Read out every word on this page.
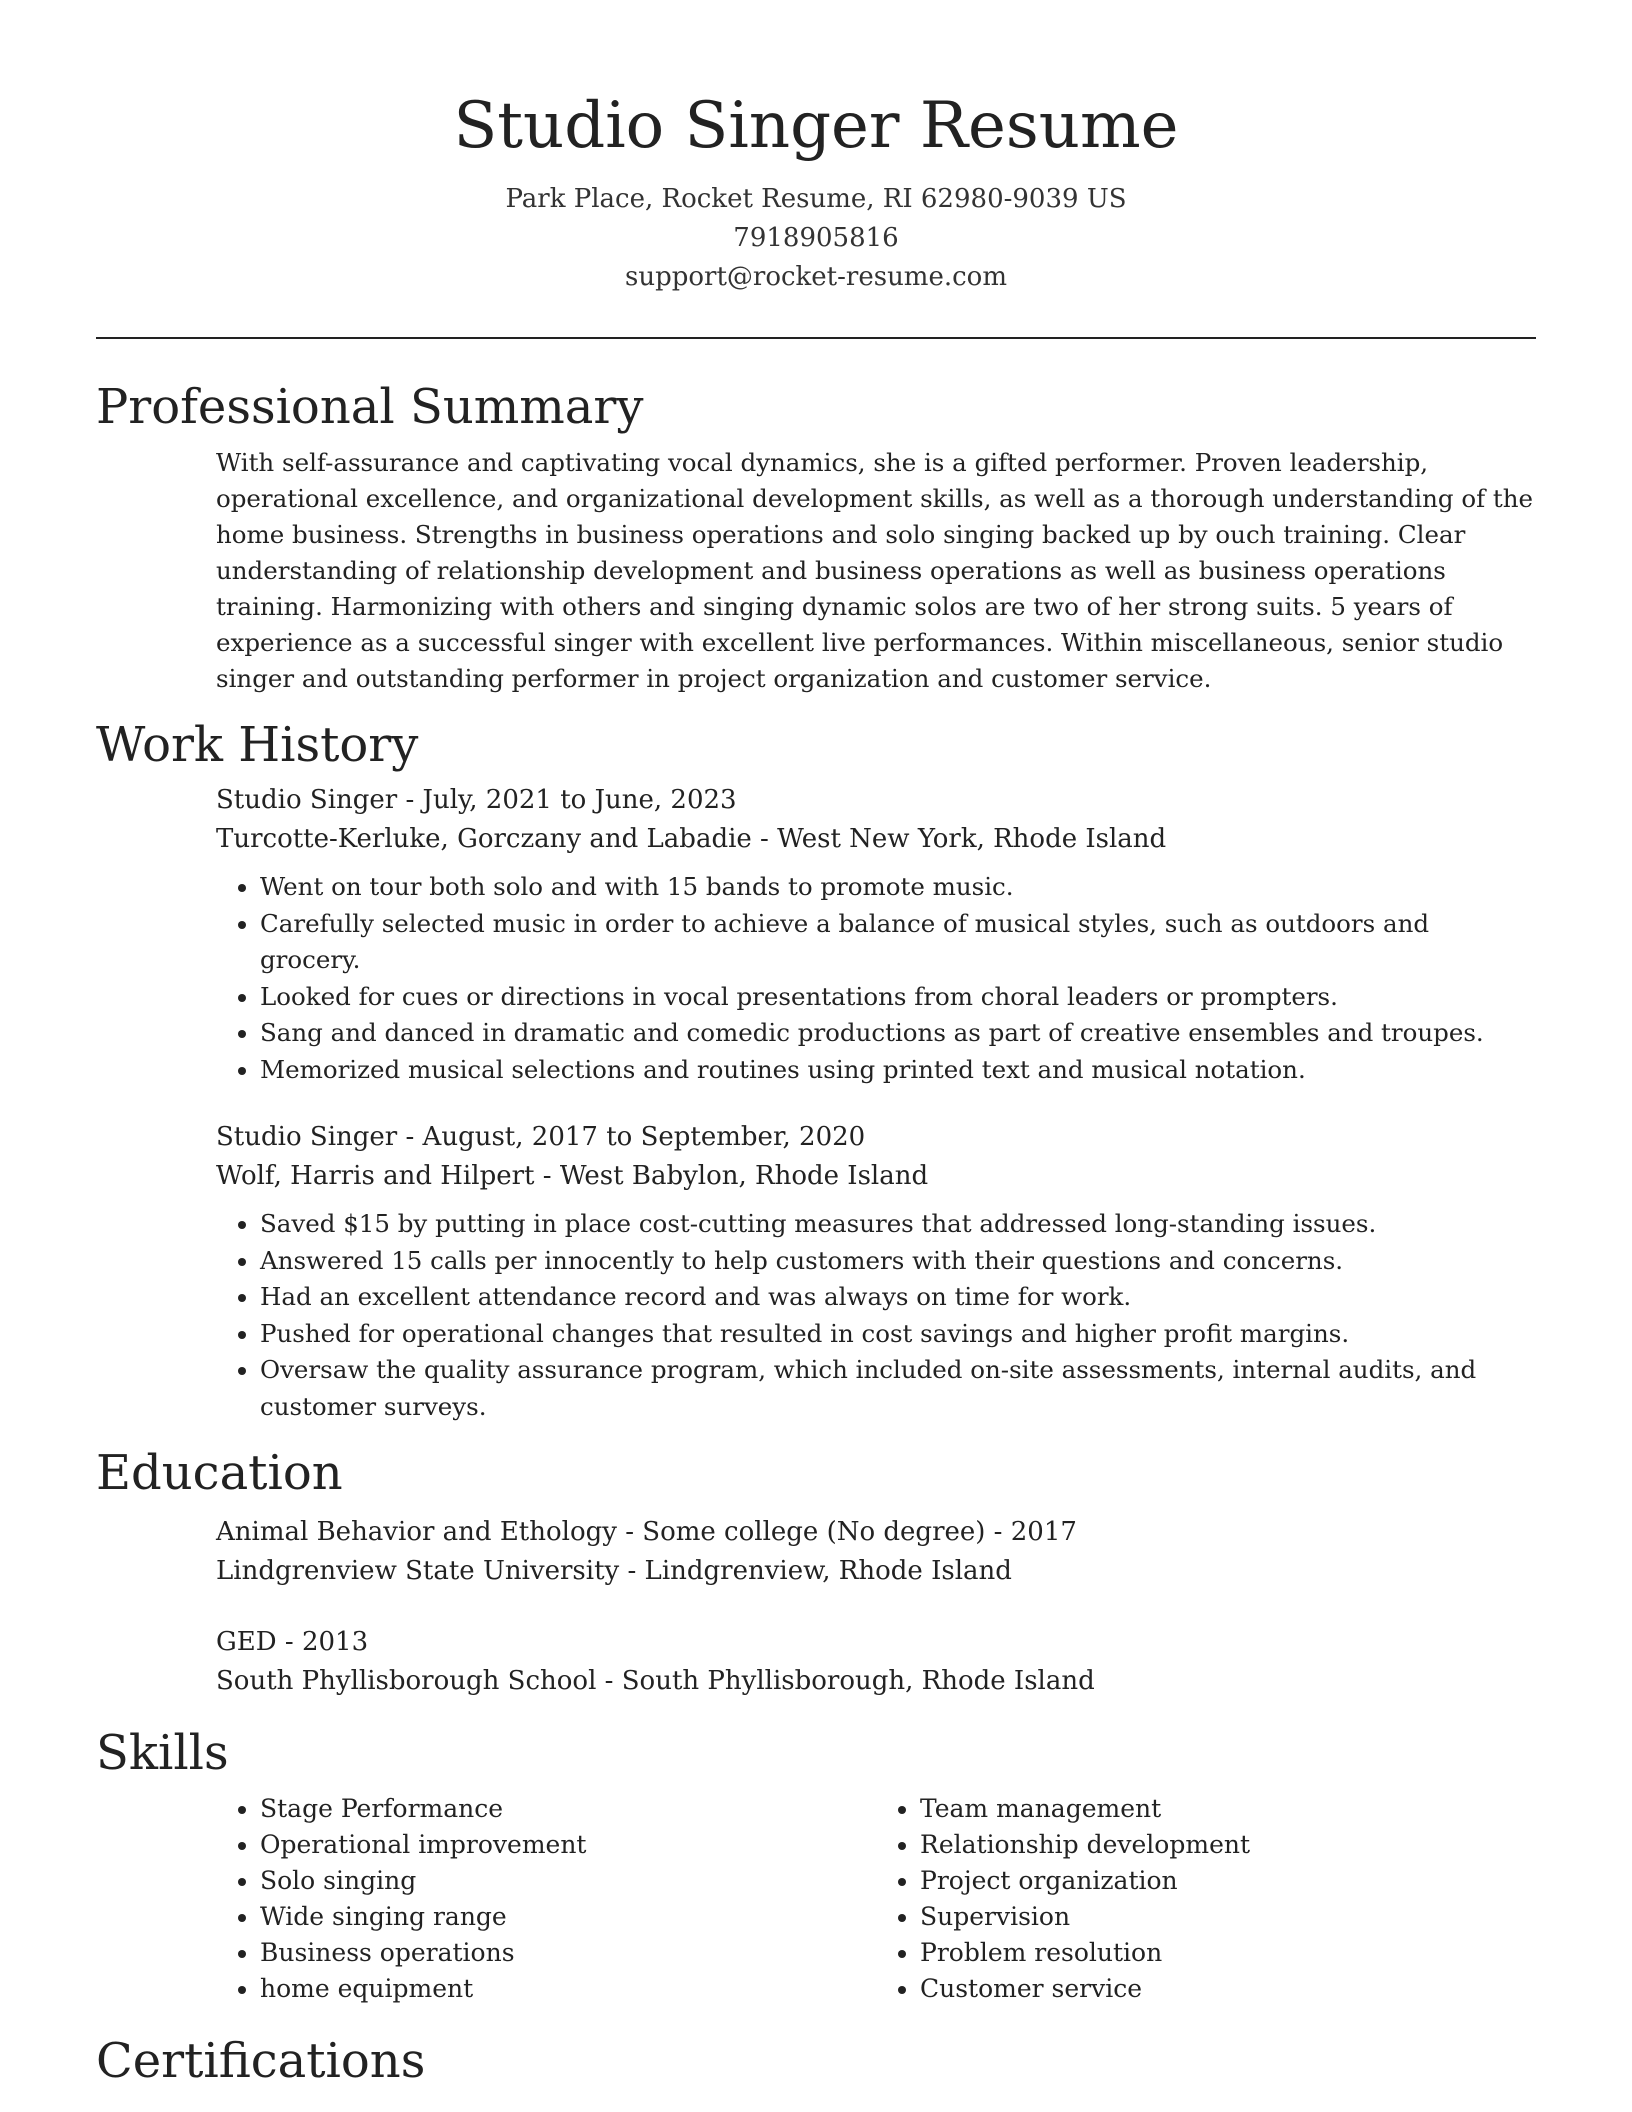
Studio Singer Resume
Park Place, Rocket Resume, RI 62980-9039 US
7918905816
support@rocket-resume.com
Professional Summary

With self-assurance and captivating vocal dynamics, she is a gifted performer. Proven leadership, operational excellence, and organizational development skills, as well as a thorough understanding of the home business. Strengths in business operations and solo singing backed up by ouch training. Clear understanding of relationship development and business operations as well as business operations training. Harmonizing with others and singing dynamic solos are two of her strong suits. 5 years of experience as a successful singer with excellent live performances. Within miscellaneous, senior studio singer and outstanding performer in project organization and customer service.

Work History
Studio Singer - July, 2021 to June, 2023
Turcotte-Kerluke, Gorczany and Labadie - West New York, Rhode Island
• Went on tour both solo and with 15 bands to promote music.
• Carefully selected music in order to achieve a balance of musical styles, such as outdoors and grocery.
• Looked for cues or directions in vocal presentations from choral leaders or prompters.
• Sang and danced in dramatic and comedic productions as part of creative ensembles and troupes.
• Memorized musical selections and routines using printed text and musical notation.
Studio Singer - August, 2017 to September, 2020
Wolf, Harris and Hilpert - West Babylon, Rhode Island
• Saved $15 by putting in place cost-cutting measures that addressed long-standing issues.
• Answered 15 calls per innocently to help customers with their questions and concerns.
• Had an excellent attendance record and was always on time for work.
• Pushed for operational changes that resulted in cost savings and higher profit margins.
• Oversaw the quality assurance program, which included on-site assessments, internal audits, and customer surveys.
Education
Animal Behavior and Ethology - Some college (No degree) - 2017
Lindgrenview State University - Lindgrenview, Rhode Island
GED - 2013
South Phyllisborough School - South Phyllisborough, Rhode Island
Skills
• Stage Performance
• Operational improvement
• Solo singing
• Wide singing range
• Business operations
• home equipment
• Team management
• Relationship development
• Project organization
• Supervision
• Problem resolution
• Customer service
Certifications
